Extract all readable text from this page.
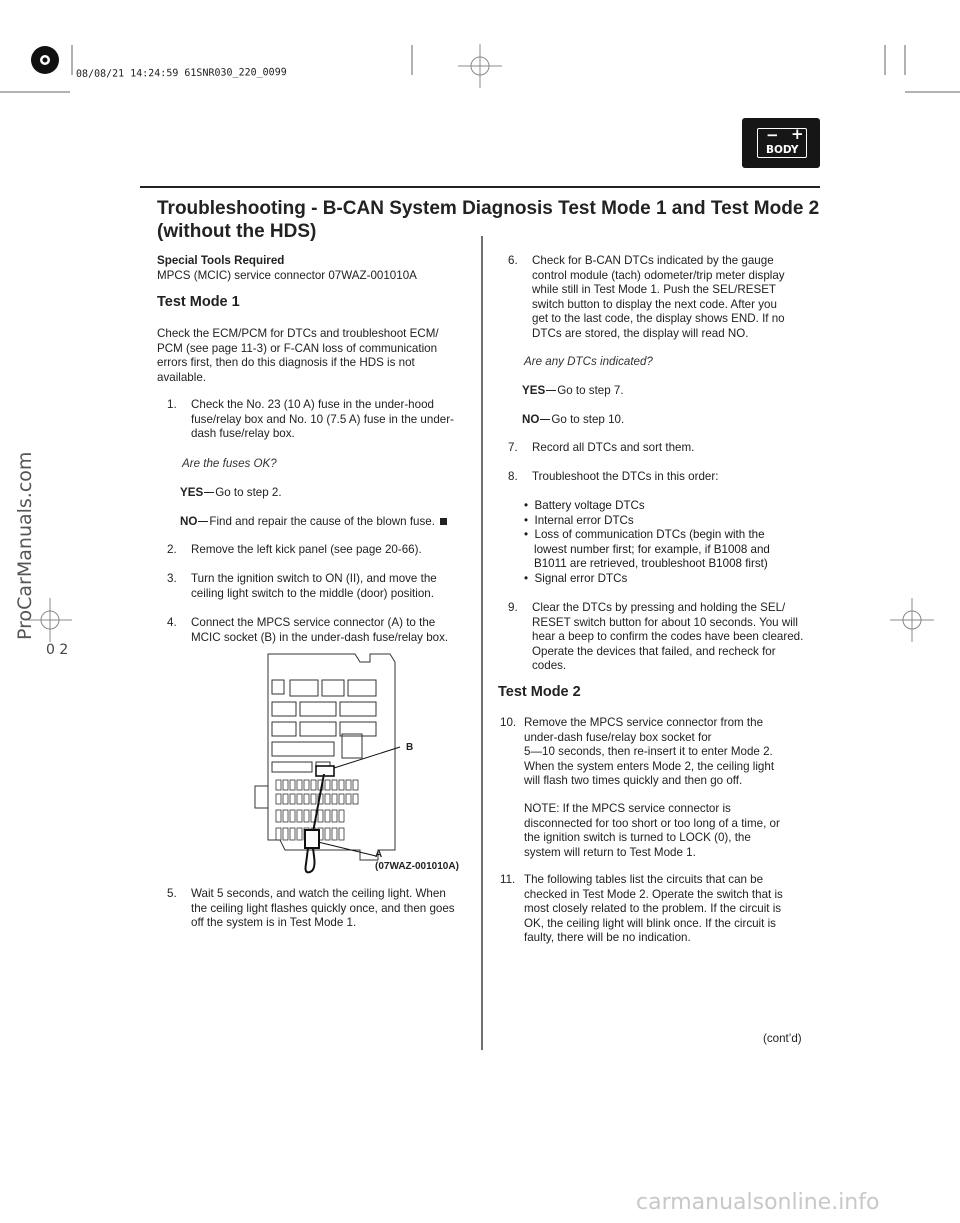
08/08/21 14:24:59 61SNR030_220_0099
ProCarManuals.com
0 2
− +
BODY
Troubleshooting - B-CAN System Diagnosis Test Mode 1 and Test Mode 2
(without the HDS)
Special Tools Required
MPCS (MCIC) service connector 07WAZ-001010A
Test Mode 1
Check the ECM/PCM for DTCs and troubleshoot ECM/
PCM (see page 11-3) or F-CAN loss of communication
errors first, then do this diagnosis if the HDS is not
available.
1. Check the No. 23 (10 A) fuse in the under-hood
fuse/relay box and No. 10 (7.5 A) fuse in the under-
dash fuse/relay box.
Are the fuses OK?
YES Go to step 2.
NO Find and repair the cause of the blown fuse.
2. Remove the left kick panel (see page 20-66).
3. Turn the ignition switch to ON (II), and move the
ceiling light switch to the middle (door) position.
4. Connect the MPCS service connector (A) to the
MCIC socket (B) in the under-dash fuse/relay box.
B
A
(07WAZ-001010A)
5. Wait 5 seconds, and watch the ceiling light. When
the ceiling light flashes quickly once, and then goes
off the system is in Test Mode 1.
6. Check for B-CAN DTCs indicated by the gauge
control module (tach) odometer/trip meter display
while still in Test Mode 1. Push the SEL/RESET
switch button to display the next code. After you
get to the last code, the display shows END. If no
DTCs are stored, the display will read NO.
Are any DTCs indicated?
YES Go to step 7.
NO Go to step 10.
7. Record all DTCs and sort them.
8. Troubleshoot the DTCs in this order:
• Battery voltage DTCs
• Internal error DTCs
• Loss of communication DTCs (begin with the
lowest number first; for example, if B1008 and
B1011 are retrieved, troubleshoot B1008 first)
• Signal error DTCs
9. Clear the DTCs by pressing and holding the SEL/
RESET switch button for about 10 seconds. You will
hear a beep to confirm the codes have been cleared.
Operate the devices that failed, and recheck for
codes.
Test Mode 2
10. Remove the MPCS service connector from the
under-dash fuse/relay box socket for
5—10 seconds, then re-insert it to enter Mode 2.
When the system enters Mode 2, the ceiling light
will flash two times quickly and then go off.
NOTE: If the MPCS service connector is
disconnected for too short or too long of a time, or
the ignition switch is turned to LOCK (0), the
system will return to Test Mode 1.
11. The following tables list the circuits that can be
checked in Test Mode 2. Operate the switch that is
most closely related to the problem. If the circuit is
OK, the ceiling light will blink once. If the circuit is
faulty, there will be no indication.
(cont’d)
carmanualsonline.info
